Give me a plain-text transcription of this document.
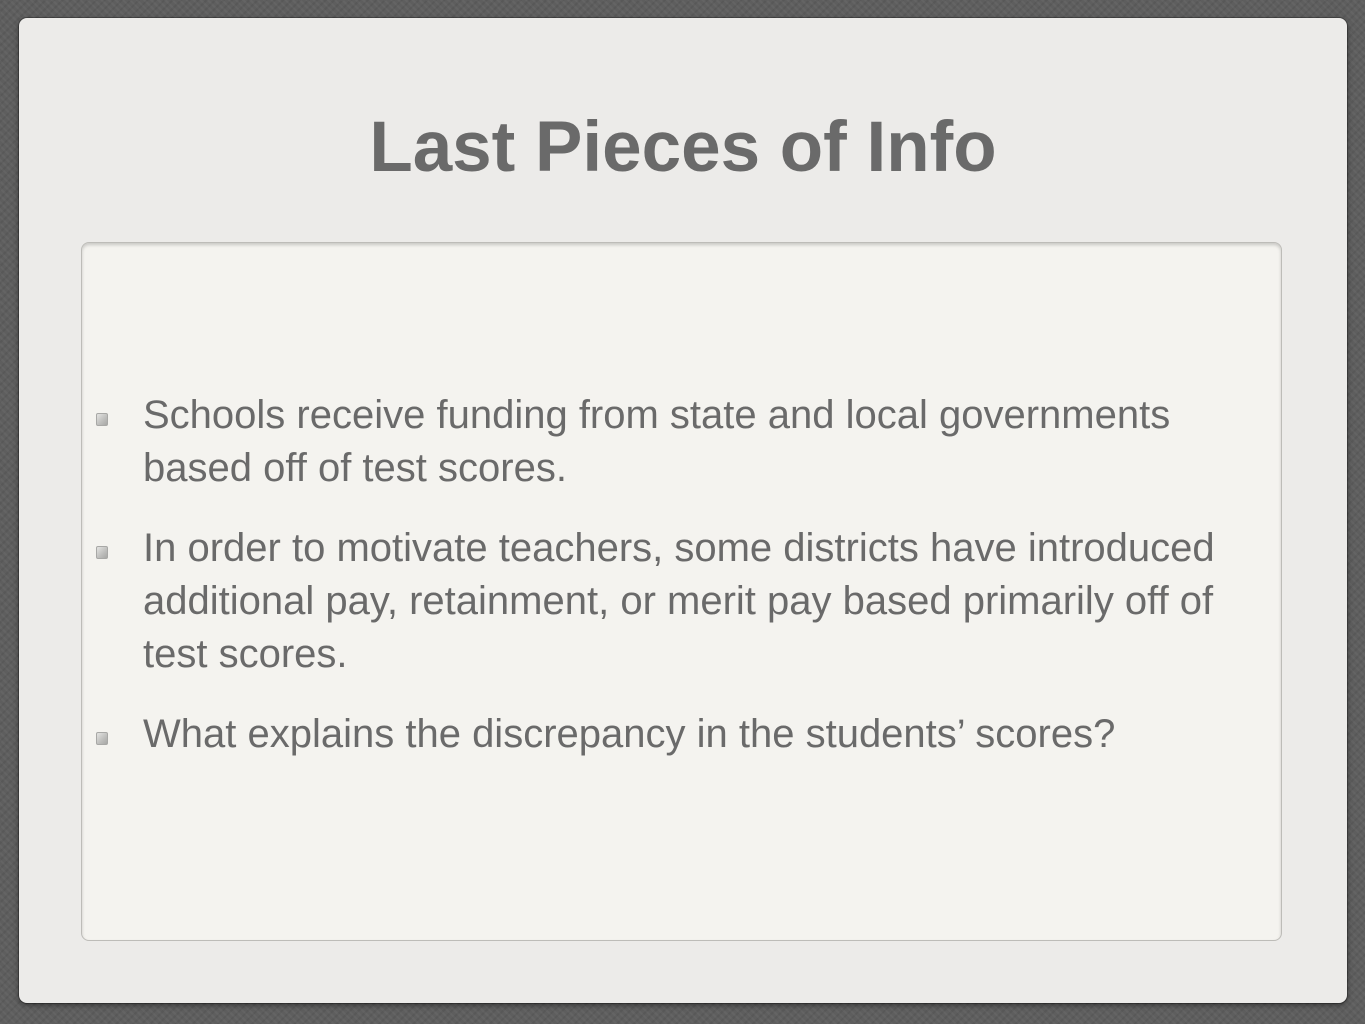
Last Pieces of Info
Schools receive funding from state and local governments based off of test scores.
In order to motivate teachers, some districts have introduced additional pay, retainment, or merit pay based primarily off of test scores.
What explains the discrepancy in the students’ scores?
